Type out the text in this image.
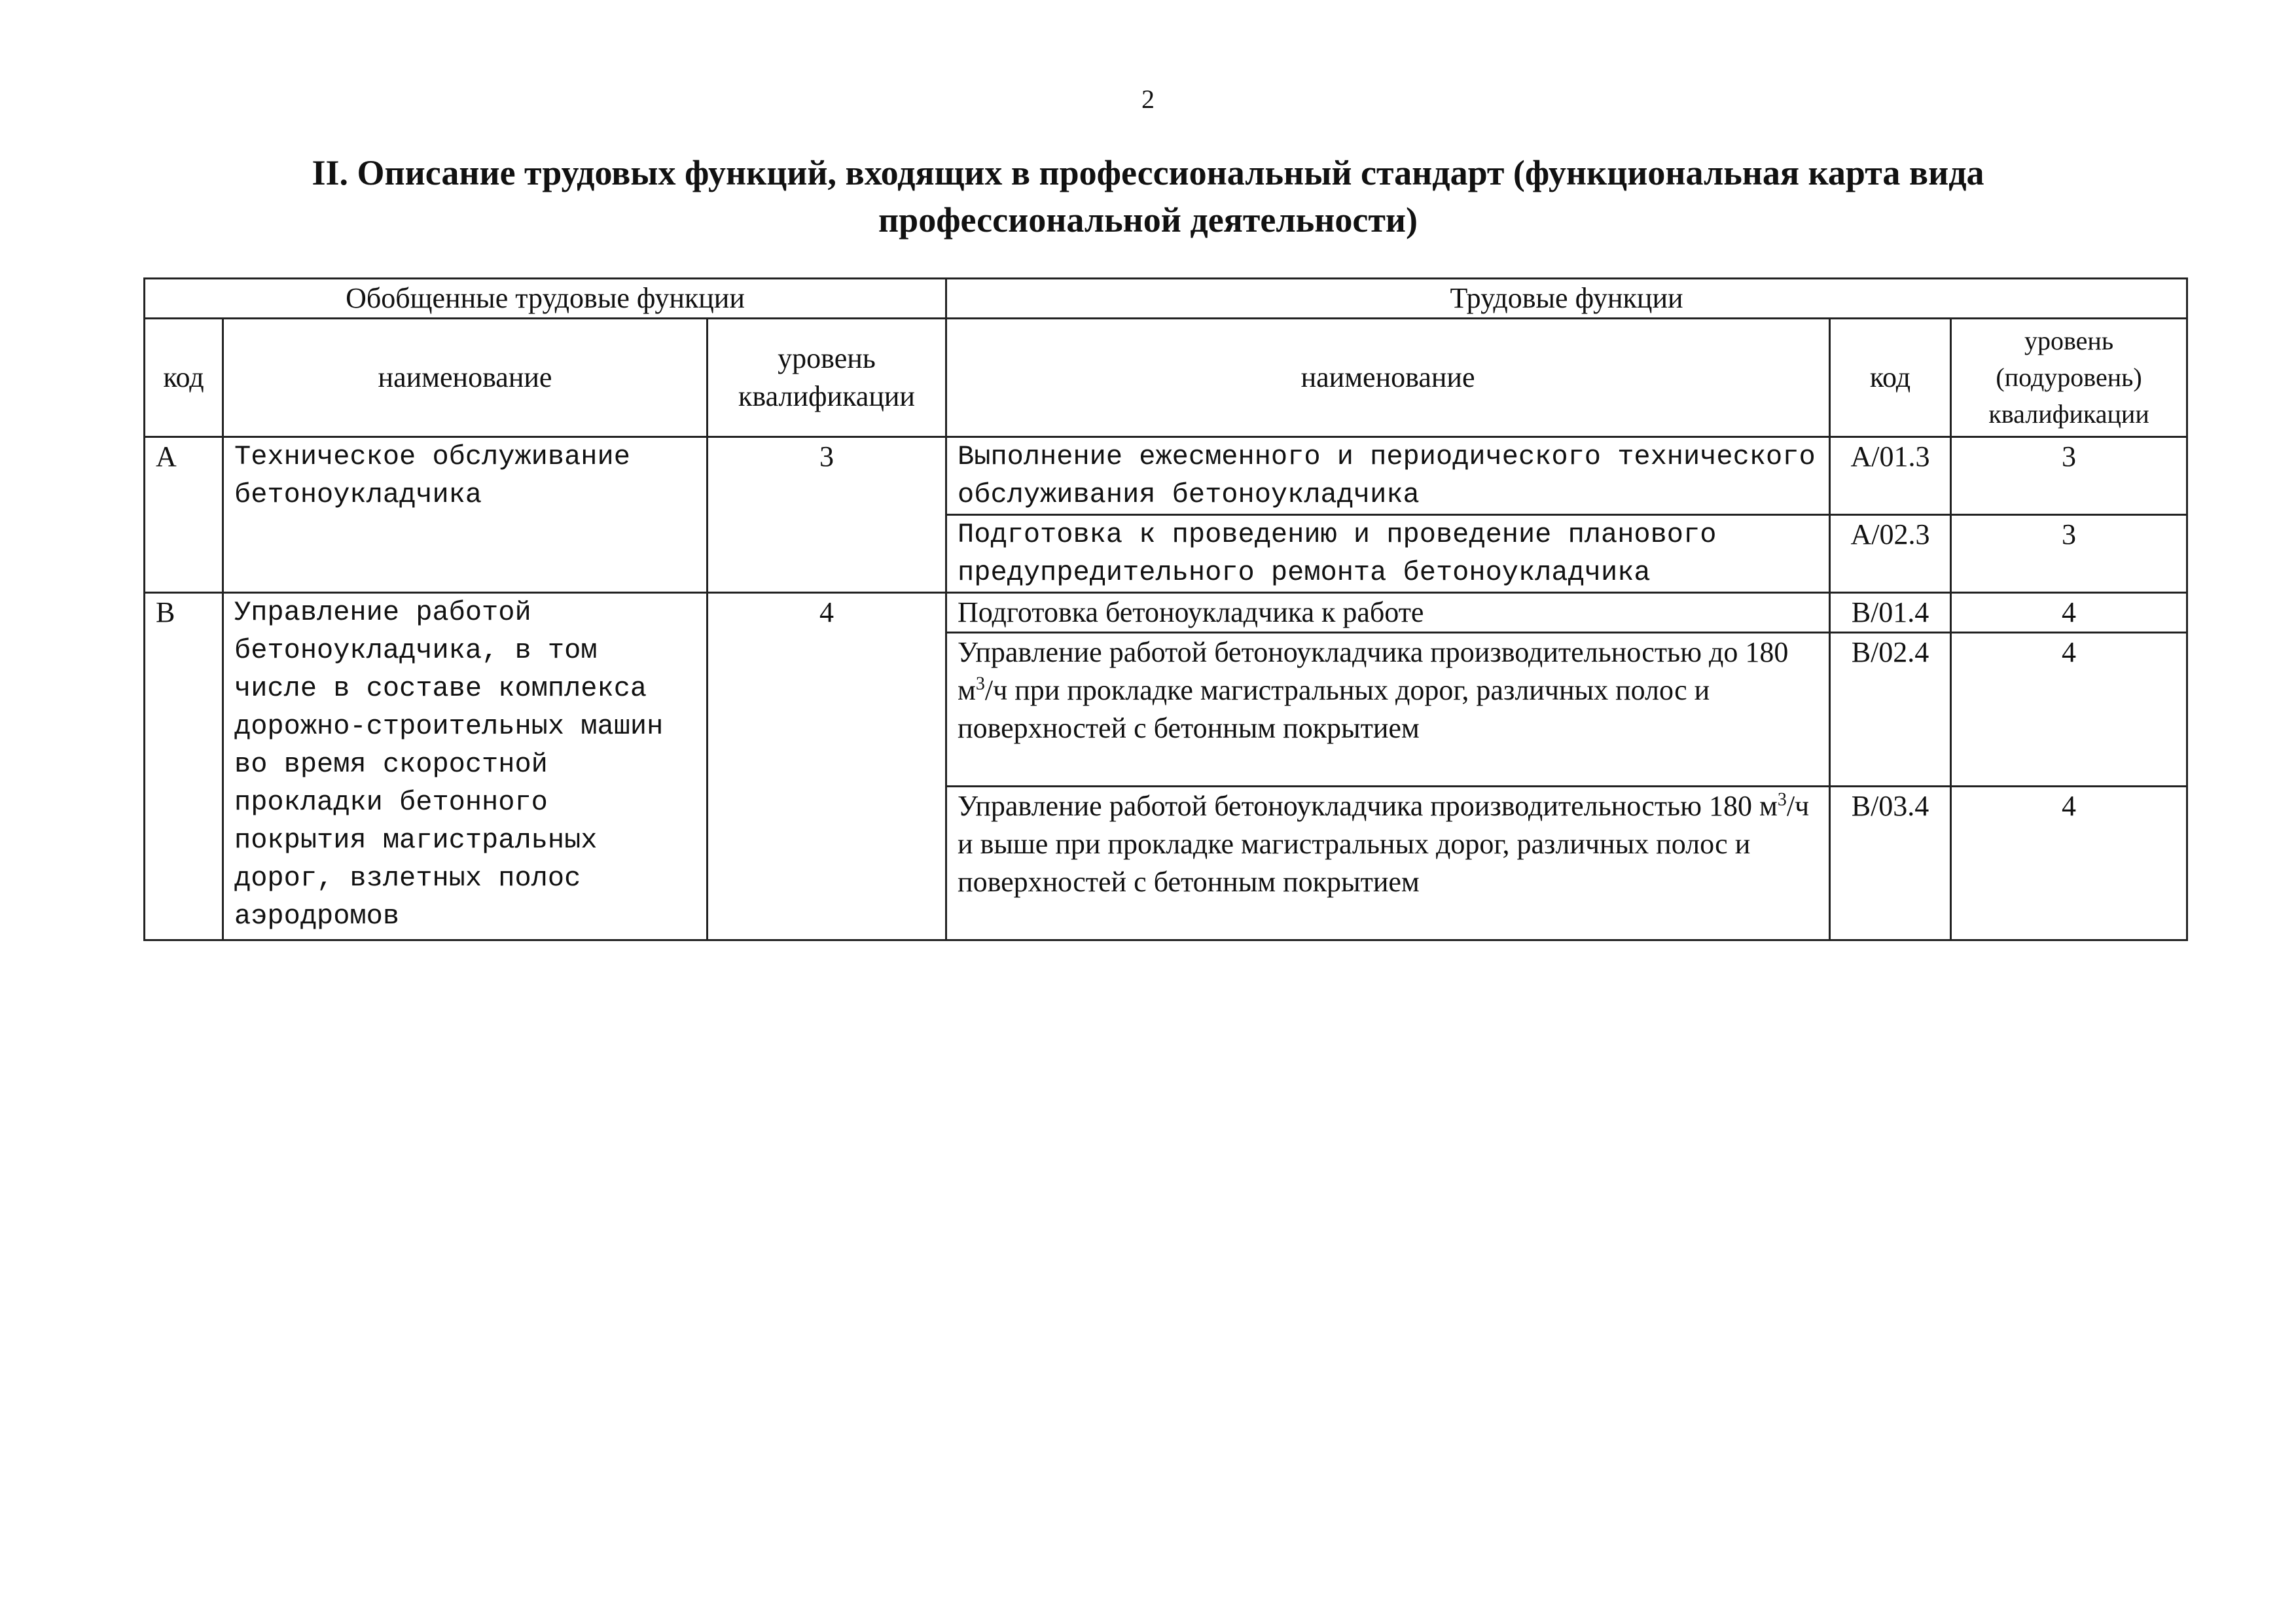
2
II. Описание трудовых функций, входящих в профессиональный стандарт (функциональная карта вида профессиональной деятельности)
Обобщенные трудовые функции			Трудовые функции		
код	наименование	уровень квалификации	наименование	код	уровень (подуровень) квалификации
A	Техническое обслуживание бетоноукладчика	3	Выполнение ежесменного и периодического технического обслуживания бетоноукладчика	A/01.3	3
			Подготовка к проведению и проведение планового предупредительного ремонта бетоноукладчика	A/02.3	3
B	Управление работой бетоноукладчика, в том числе в составе комплекса дорожно-строительных машин во время скоростной прокладки бетонного покрытия магистральных дорог, взлетных полос аэродромов	4	Подготовка бетоноукладчика к работе	B/01.4	4
			Управление работой бетоноукладчика производительностью до 180 $м^3/ч$ при прокладке магистральных дорог, различных полос и поверхностей с бетонным покрытием	B/02.4	4
			Управление работой бетоноукладчика производительностью 180 $м^3/ч$ и выше при прокладке магистральных дорог, различных полос и поверхностей с бетонным покрытием	B/03.4	4
